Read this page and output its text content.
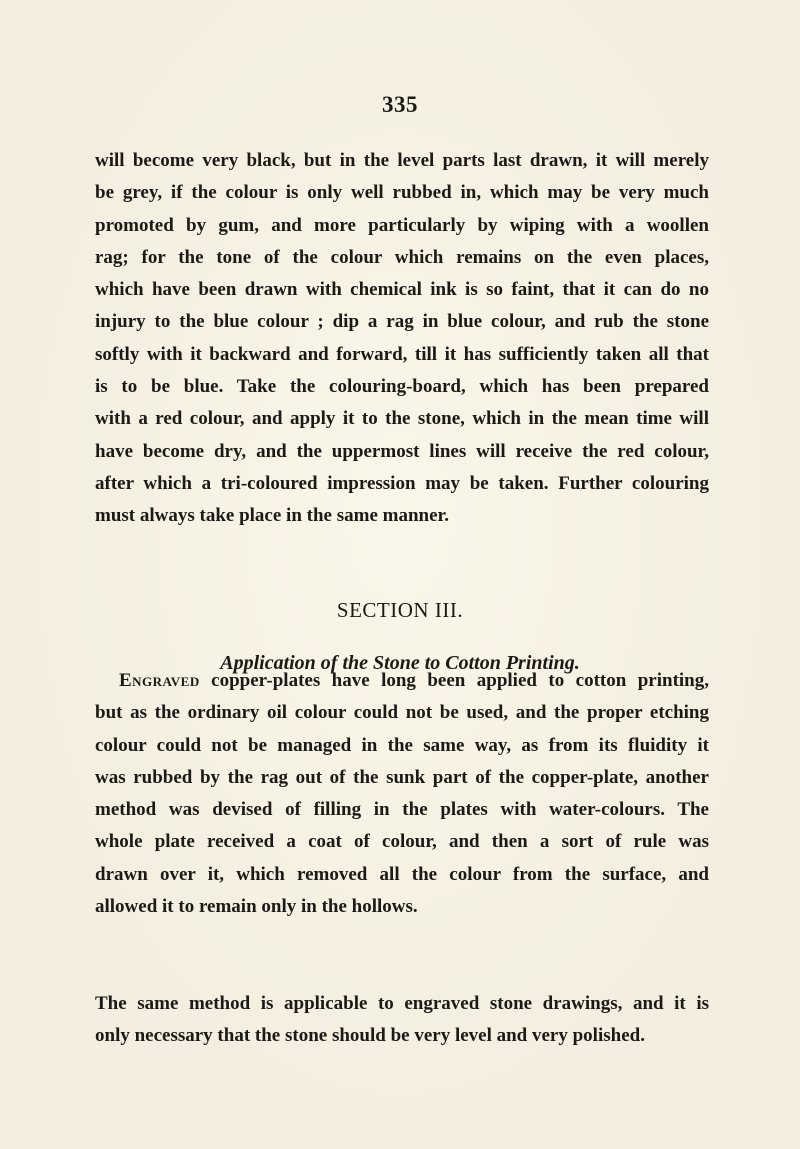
335
will become very black, but in the level parts last drawn, it will merely
be grey, if the colour is only well rubbed in, which may be very much
promoted by gum, and more particularly by wiping with a woollen
rag; for the tone of the colour which remains on the even places,
which have been drawn with chemical ink is so faint, that it can do no
injury to the blue colour ; dip a rag in blue colour, and rub the stone
softly with it backward and forward, till it has sufficiently taken all that
is to be blue. Take the colouring-board, which has been prepared
with a red colour, and apply it to the stone, which in the mean time will
have become dry, and the uppermost lines will receive the red colour,
after which a tri-coloured impression may be taken. Further colouring
must always take place in the same manner.
SECTION III.
Application of the Stone to Cotton Printing.
Engraved copper-plates have long been applied to cotton printing,
but as the ordinary oil colour could not be used, and the proper etching
colour could not be managed in the same way, as from its fluidity it
was rubbed by the rag out of the sunk part of the copper-plate, another
method was devised of filling in the plates with water-colours. The
whole plate received a coat of colour, and then a sort of rule was
drawn over it, which removed all the colour from the surface, and
allowed it to remain only in the hollows.
The same method is applicable to engraved stone drawings, and it is
only necessary that the stone should be very level and very polished.
